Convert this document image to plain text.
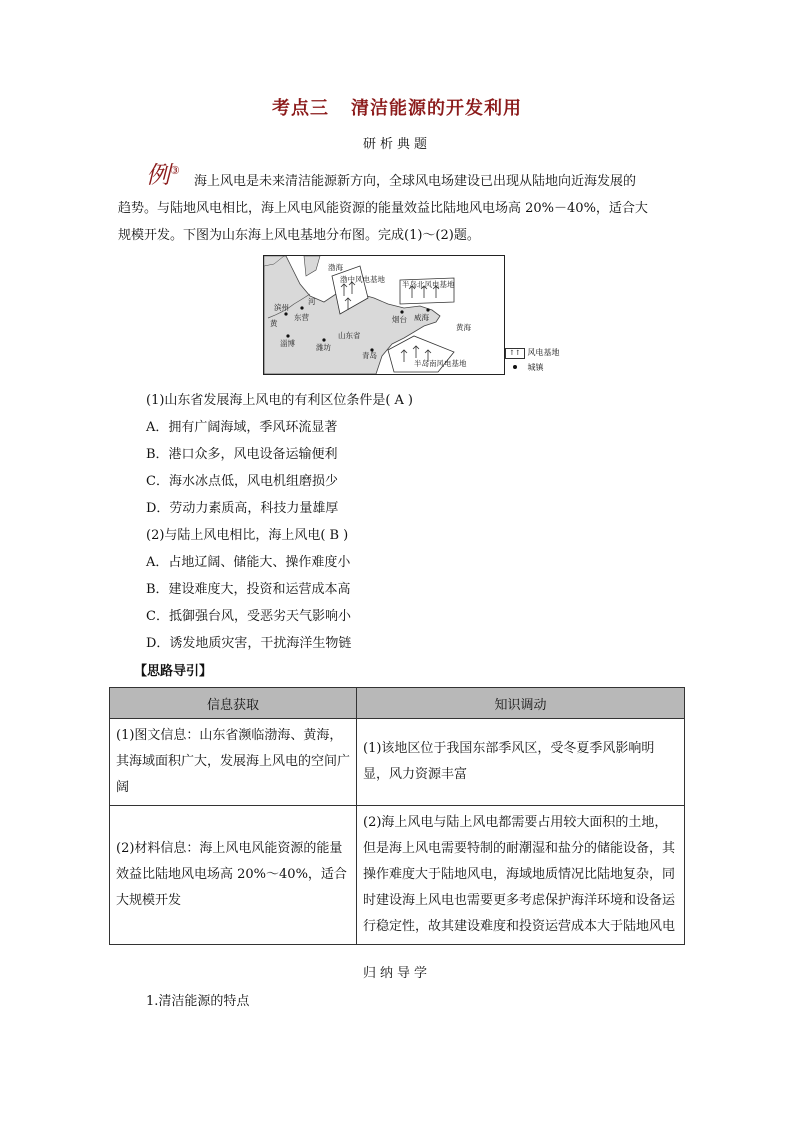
考点三 清洁能源的开发利用
研析典题
例③
海上风电是未来清洁能源新方向，全球风电场建设已出现从陆地向近海发展的
趋势。与陆地风电相比，海上风电风能资源的能量效益比陆地风电场高 20%－40%，适合大
规模开发。下图为山东海上风电基地分布图。完成(1)～(2)题。
渤海
渤中风电基地
半岛北风电基地
黄海
滨州
河
黄
东营	烟台 威海
淄博	潍坊
山东省
青岛
半岛南风电基地
↑↑ 风电基地
城镇
(1)山东省发展海上风电的有利区位条件是( A )
A．拥有广阔海域，季风环流显著
B．港口众多，风电设备运输便利
C．海水冰点低，风电机组磨损少
D．劳动力素质高，科技力量雄厚
(2)与陆上风电相比，海上风电( B )
A．占地辽阔、储能大、操作难度小
B．建设难度大，投资和运营成本高
C．抵御强台风，受恶劣天气影响小
D．诱发地质灾害，干扰海洋生物链
【思路导引】
信息获取	知识调动
(1)图文信息：山东省濒临渤海、黄海，其海域面积广大，发展海上风电的空间广阔	(1)该地区位于我国东部季风区，受冬夏季风影响明显，风力资源丰富
(2)材料信息：海上风电风能资源的能量效益比陆地风电场高 20%～40%，适合大规模开发	(2)海上风电与陆上风电都需要占用较大面积的土地，但是海上风电需要特制的耐潮湿和盐分的储能设备，其操作难度大于陆地风电，海域地质情况比陆地复杂，同时建设海上风电也需要更多考虑保护海洋环境和设备运行稳定性，故其建设难度和投资运营成本大于陆地风电
归纳导学
1.清洁能源的特点
